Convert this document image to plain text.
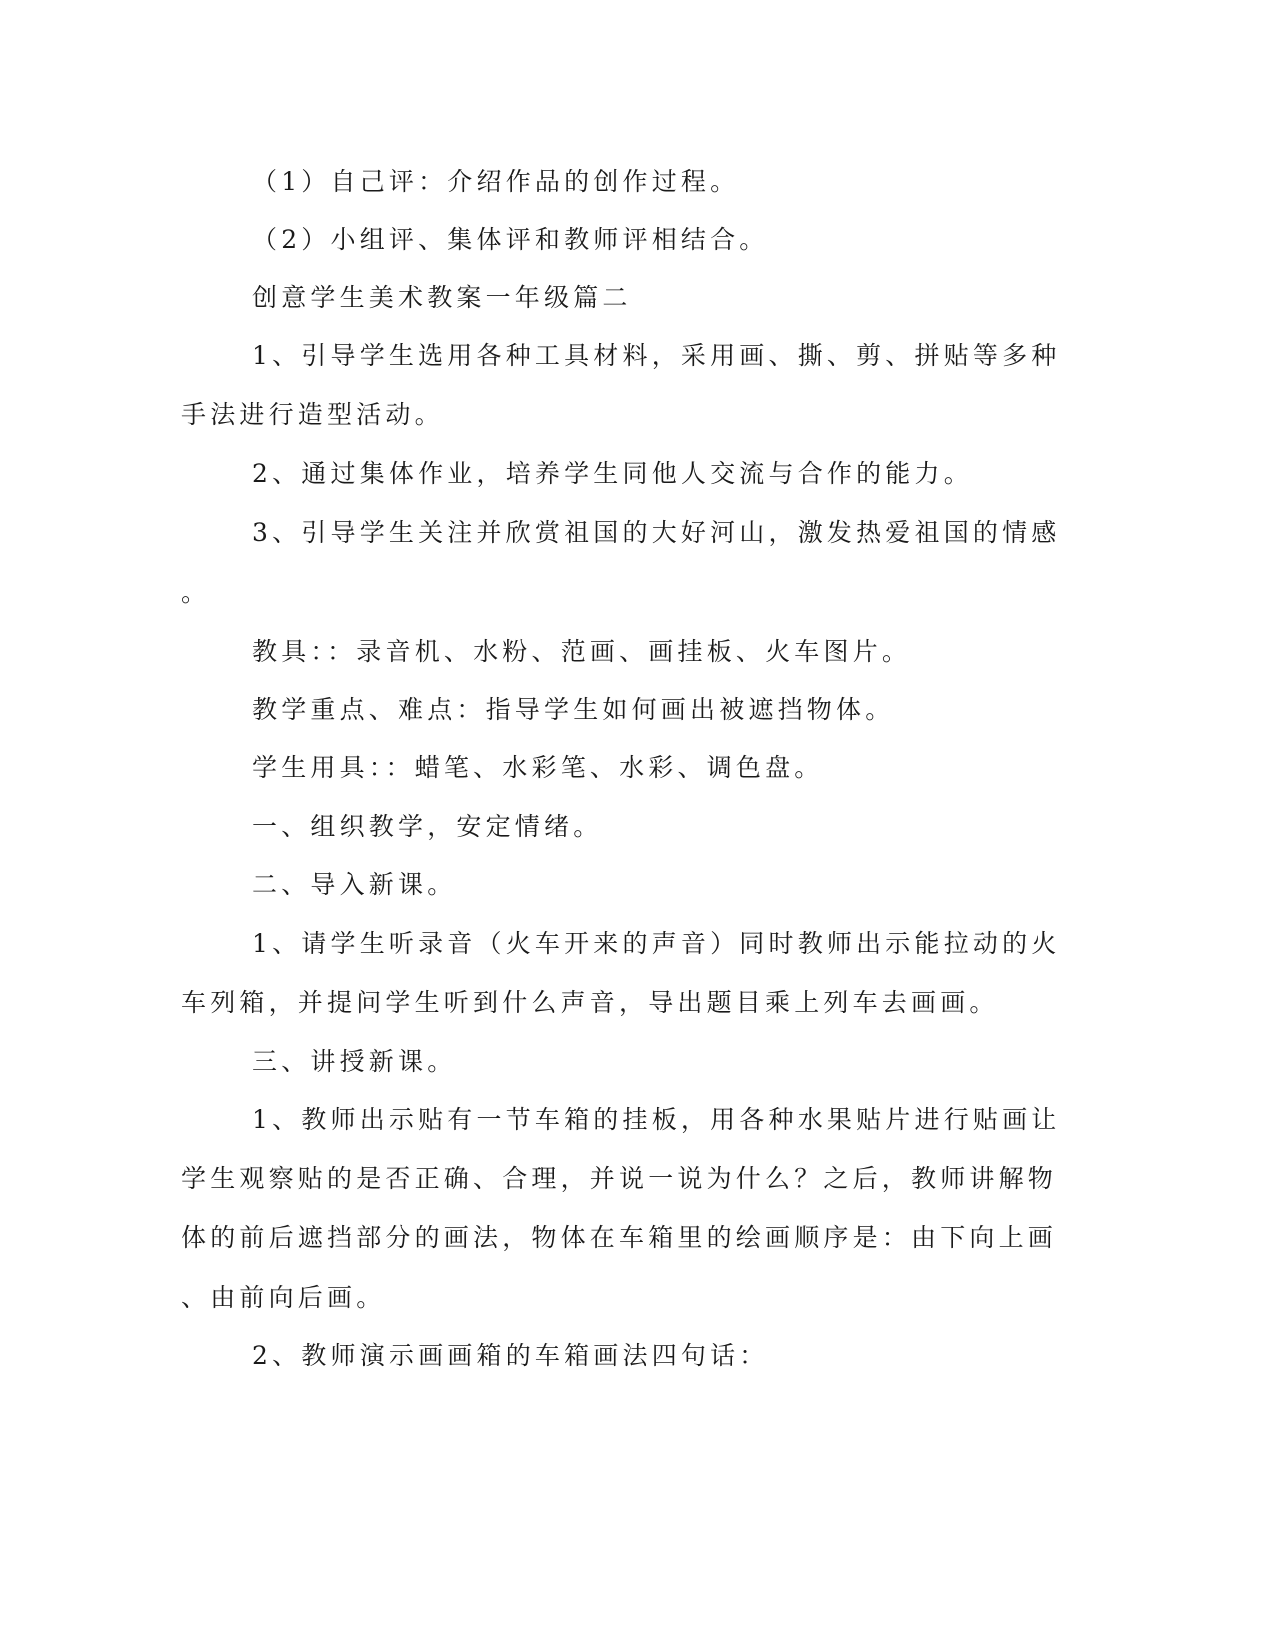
（1）自己评：介绍作品的创作过程。
（2）小组评、集体评和教师评相结合。
创意学生美术教案一年级篇二
1、引导学生选用各种工具材料，采用画、撕、剪、拼贴等多种
手法进行造型活动。
2、通过集体作业，培养学生同他人交流与合作的能力。
3、引导学生关注并欣赏祖国的大好河山，激发热爱祖国的情感
。
教具：：录音机、水粉、范画、画挂板、火车图片。
教学重点、难点：指导学生如何画出被遮挡物体。
学生用具：：蜡笔、水彩笔、水彩、调色盘。
一、组织教学，安定情绪。
二、导入新课。
1、请学生听录音（火车开来的声音）同时教师出示能拉动的火
车列箱，并提问学生听到什么声音，导出题目乘上列车去画画。
三、讲授新课。
1、教师出示贴有一节车箱的挂板，用各种水果贴片进行贴画让
学生观察贴的是否正确、合理，并说一说为什么？之后，教师讲解物
体的前后遮挡部分的画法，物体在车箱里的绘画顺序是：由下向上画
、由前向后画。
2、教师演示画画箱的车箱画法四句话：
